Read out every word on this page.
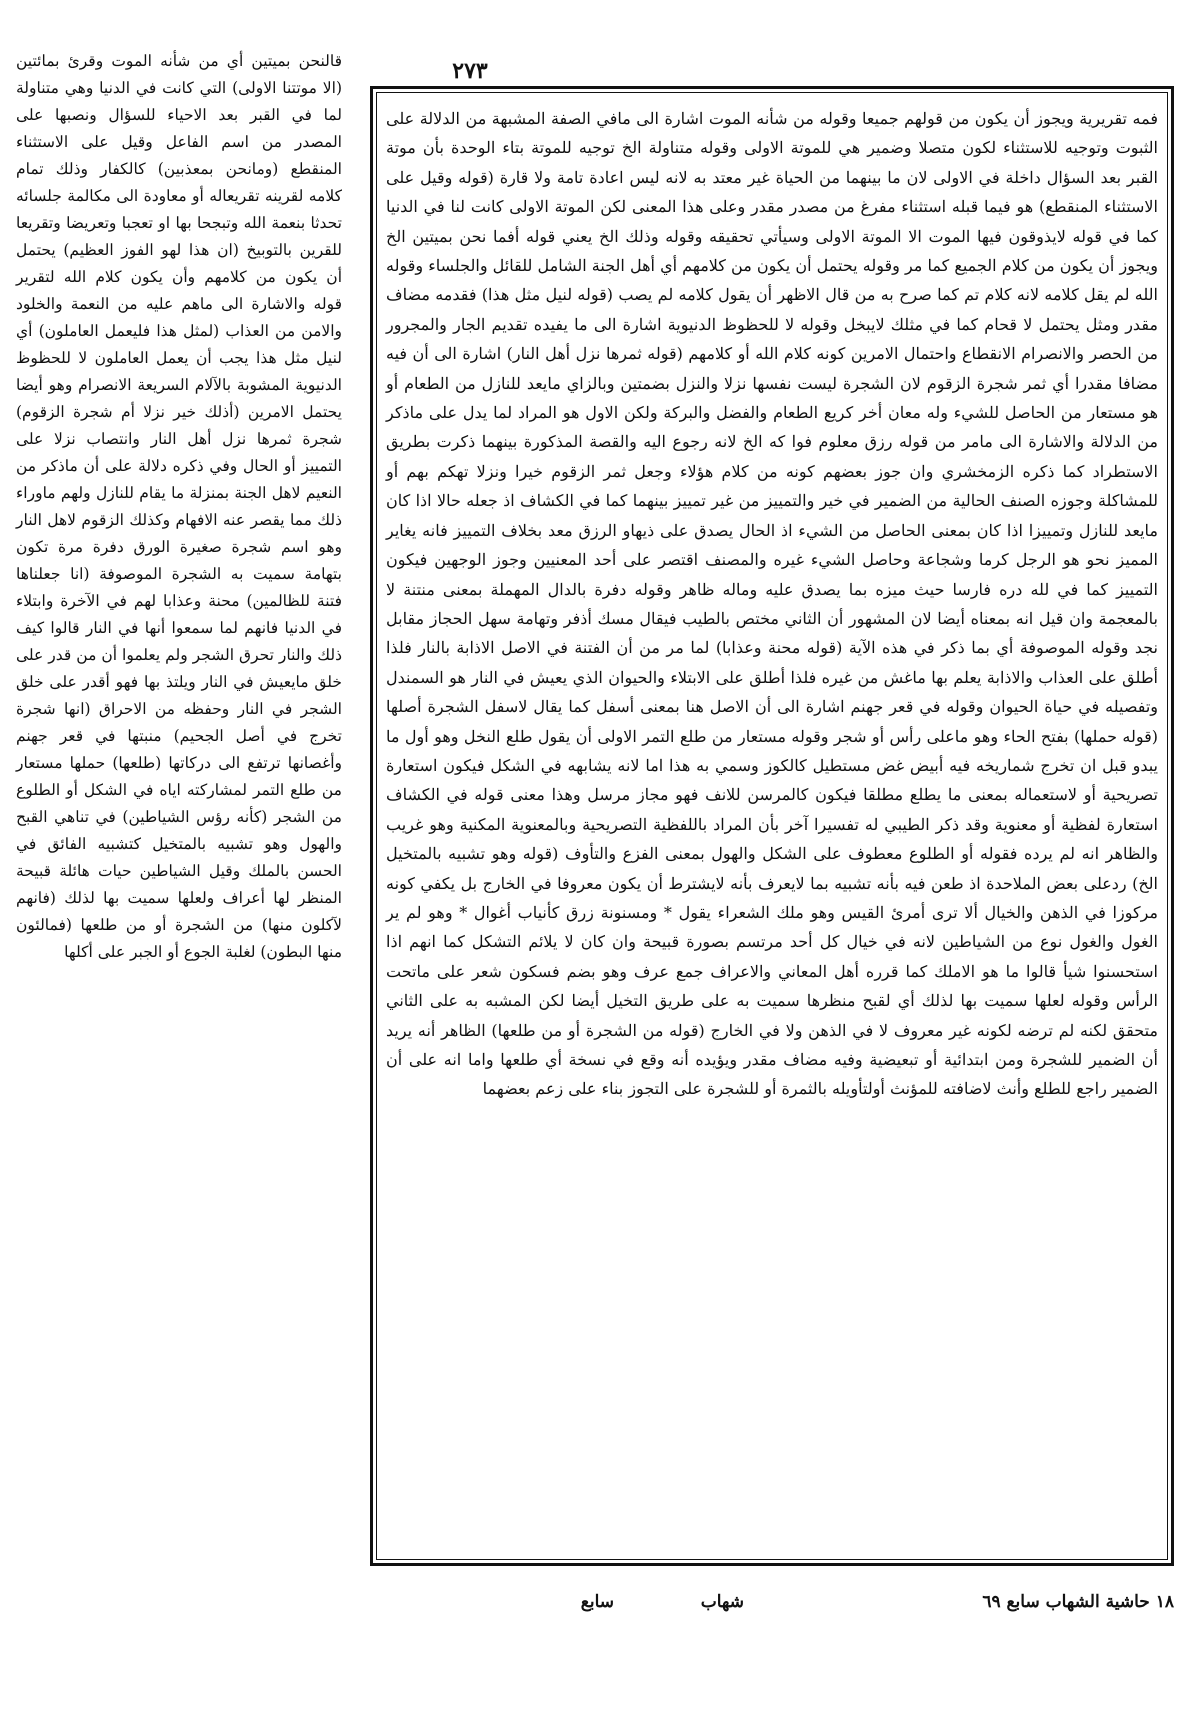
٢٧٣
قالنحن بميتين أي من شأنه الموت وقرئ بمائتين (الا موتتنا الاولى) التي كانت في الدنيا وهي متناولة لما في القبر بعد الاحياء للسؤال ونصبها على المصدر من اسم الفاعل وقيل على الاستثناء المنقطع (ومانحن بمعذبين) كالكفار وذلك تمام كلامه لقرينه تقريعاله أو معاودة الى مكالمة جلسائه تحدثا بنعمة الله وتبجحا بها او تعجبا وتعريضا وتقريعا للقرين بالتوبيخ (ان هذا لهو الفوز العظيم) يحتمل أن يكون من كلامهم وأن يكون كلام الله لتقرير قوله والاشارة الى ماهم عليه من النعمة والخلود والامن من العذاب (لمثل هذا فليعمل العاملون) أي لنيل مثل هذا يجب أن يعمل العاملون لا للحظوظ الدنيوية المشوبة بالآلام السريعة الانصرام وهو أيضا يحتمل الامرين (أذلك خير نزلا أم شجرة الزقوم) شجرة ثمرها نزل أهل النار وانتصاب نزلا على التمييز أو الحال وفي ذكره دلالة على أن ماذكر من النعيم لاهل الجنة بمنزلة ما يقام للنازل ولهم ماوراء ذلك مما يقصر عنه الافهام وكذلك الزقوم لاهل النار وهو اسم شجرة صغيرة الورق دفرة مرة تكون بتهامة سميت به الشجرة الموصوفة (انا جعلناها فتنة للظالمين) محنة وعذابا لهم في الآخرة وابتلاء في الدنيا فانهم لما سمعوا أنها في النار قالوا كيف ذلك والنار تحرق الشجر ولم يعلموا أن من قدر على خلق مايعيش في النار ويلتذ بها فهو أقدر على خلق الشجر في النار وحفظه من الاحراق (انها شجرة تخرج في أصل الجحيم) منبتها في قعر جهنم وأغصانها ترتفع الى دركاتها (طلعها) حملها مستعار من طلع التمر لمشاركته اياه في الشكل أو الطلوع من الشجر (كأنه رؤس الشياطين) في تناهي القبح والهول وهو تشبيه بالمتخيل كتشبيه الفائق في الحسن بالملك وقيل الشياطين حيات هائلة قبيحة المنظر لها أعراف ولعلها سميت بها لذلك (فانهم لآكلون منها) من الشجرة أو من طلعها (فمالئون منها البطون) لغلبة الجوع أو الجبر على أكلها

فمه تقريرية ويجوز أن يكون من قولهم جميعا وقوله من شأنه الموت اشارة الى مافي الصفة المشبهة من الدلالة على الثبوت وتوجيه للاستثناء لكون متصلا وضمير هي للموتة الاولى وقوله متناولة الخ توجيه للموتة بتاء الوحدة بأن موتة القبر بعد السؤال داخلة في الاولى لان ما بينهما من الحياة غير معتد به لانه ليس اعادة تامة ولا قارة (قوله وقيل على الاستثناء المنقطع) هو فيما قبله استثناء مفرغ من مصدر مقدر وعلى هذا المعنى لكن الموتة الاولى كانت لنا في الدنيا كما في قوله لايذوقون فيها الموت الا الموتة الاولى وسيأتي تحقيقه وقوله وذلك الخ يعني قوله أفما نحن بميتين الخ ويجوز أن يكون من كلام الجميع كما مر وقوله يحتمل أن يكون من كلامهم أي أهل الجنة الشامل للقائل والجلساء وقوله الله لم يقل كلامه لانه كلام تم كما صرح به من قال الاظهر أن يقول كلامه لم يصب (قوله لنيل مثل هذا) فقدمه مضاف مقدر ومثل يحتمل لا قحام كما في مثلك لايبخل وقوله لا للحظوظ الدنيوية اشارة الى ما يفيده تقديم الجار والمجرور من الحصر والانصرام الانقطاع واحتمال الامرين كونه كلام الله أو كلامهم (قوله ثمرها نزل أهل النار) اشارة الى أن فيه مضافا مقدرا أي ثمر شجرة الزقوم لان الشجرة ليست نفسها نزلا والنزل بضمتين وبالزاي مايعد للنازل من الطعام أو هو مستعار من الحاصل للشيء وله معان أخر كريع الطعام والفضل والبركة ولكن الاول هو المراد لما يدل على ماذكر من الدلالة والاشارة الى مامر من قوله رزق معلوم فوا كه الخ لانه رجوع اليه والقصة المذكورة بينهما ذكرت بطريق الاستطراد كما ذكره الزمخشري وان جوز بعضهم كونه من كلام هؤلاء وجعل ثمر الزقوم خيرا ونزلا تهكم بهم أو للمشاكلة وجوزه الصنف الحالية من الضمير في خير والتمييز من غير تمييز بينهما كما في الكشاف اذ جعله حالا اذا كان مايعد للنازل وتمييزا اذا كان بمعنى الحاصل من الشيء اذ الحال يصدق على ذيهاو الرزق معد بخلاف التمييز فانه يغاير المميز نحو هو الرجل كرما وشجاعة وحاصل الشيء غيره والمصنف اقتصر على أحد المعنيين وجوز الوجهين فيكون التمييز كما في لله دره فارسا حيث ميزه بما يصدق عليه وماله ظاهر وقوله دفرة بالدال المهملة بمعنى منتنة لا بالمعجمة وان قيل انه بمعناه أيضا لان المشهور أن الثاني مختص بالطيب فيقال مسك أذفر وتهامة سهل الحجاز مقابل نجد وقوله الموصوفة أي بما ذكر في هذه الآية (قوله محنة وعذابا) لما مر من أن الفتنة في الاصل الاذابة بالنار فلذا أطلق على العذاب والاذابة يعلم بها ماغش من غيره فلذا أطلق على الابتلاء والحيوان الذي يعيش في النار هو السمندل وتفصيله في حياة الحيوان وقوله في قعر جهنم اشارة الى أن الاصل هنا بمعنى أسفل كما يقال لاسفل الشجرة أصلها (قوله حملها) بفتح الحاء وهو ماعلى رأس أو شجر وقوله مستعار من طلع التمر الاولى أن يقول طلع النخل وهو أول ما يبدو قبل ان تخرج شماريخه فيه أبيض غض مستطيل كالكوز وسمي به هذا اما لانه يشابهه في الشكل فيكون استعارة تصريحية أو لاستعماله بمعنى ما يطلع مطلقا فيكون كالمرسن للانف فهو مجاز مرسل وهذا معنى قوله في الكشاف استعارة لفظية أو معنوية وقد ذكر الطيبي له تفسيرا آخر بأن المراد باللفظية التصريحية وبالمعنوية المكنية وهو غريب والظاهر انه لم يرده فقوله أو الطلوع معطوف على الشكل والهول بمعنى الفزع والتأوف (قوله وهو تشبيه بالمتخيل الخ) ردعلى بعض الملاحدة اذ طعن فيه بأنه تشبيه بما لايعرف بأنه لايشترط أن يكون معروفا في الخارج بل يكفي كونه مركوزا في الذهن والخيال ألا ترى أمرئ القيس وهو ملك الشعراء يقول * ومسنونة زرق كأنياب أغوال * وهو لم ير الغول والغول نوع من الشياطين لانه في خيال كل أحد مرتسم بصورة قبيحة وان كان لا يلائم التشكل كما انهم اذا استحسنوا شيأ قالوا ما هو الاملك كما قرره أهل المعاني والاعراف جمع عرف وهو بضم فسكون شعر على ماتحت الرأس وقوله لعلها سميت بها لذلك أي لقبح منظرها سميت به على طريق التخيل أيضا لكن المشبه به على الثاني متحقق لكنه لم ترضه لكونه غير معروف لا في الذهن ولا في الخارج (قوله من الشجرة أو من طلعها) الظاهر أنه يريد أن الضمير للشجرة ومن ابتدائية أو تبعيضية وفيه مضاف مقدر ويؤيده أنه وقع في نسخة أي طلعها واما انه على أن الضمير راجع للطلع وأنث لاضافته للمؤنث أولتأويله بالثمرة أو للشجرة على التجوز بناء على زعم بعضهما

١٨ حاشية الشهاب سابع ٦٩
شهاب
سابع
